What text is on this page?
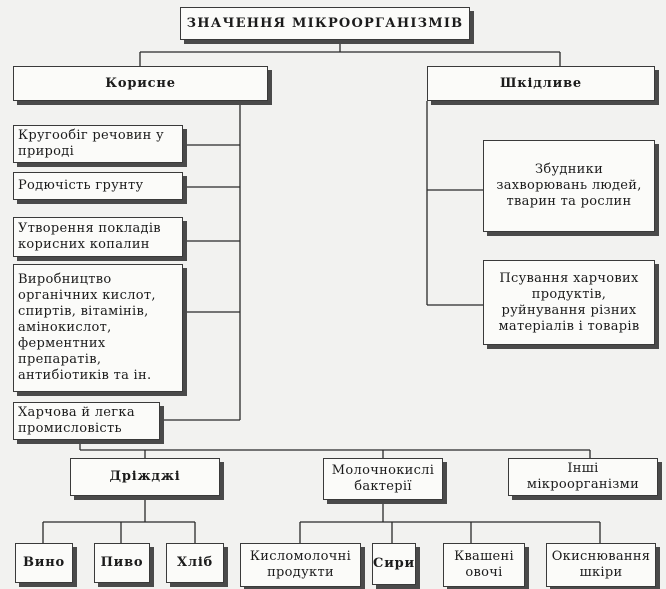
ЗНАЧЕННЯ МІКРООРГАНІЗМІВ
Корисне	Шкідливе
Кругообіг речовин у
природі
Родючість грунту
Утворення покладів
корисних копалин
Виробництво
органічних кислот,
спиртів, вітамінів,
амінокислот,
ферментних
препаратів,
антибіотиків та ін.
Харчова й легка
промисловість
Збудники
захворювань людей,
тварин та рослин
Псування харчових
продуктів,
руйнування різних
матеріалів і товарів
Дріжджі	Молочнокислі
бактерії
Інші
мікроорганізми
Вино	Пиво	Хліб	Кисломолочні
продукти
Сири	Квашені
овочі
Окиснювання
шкіри
